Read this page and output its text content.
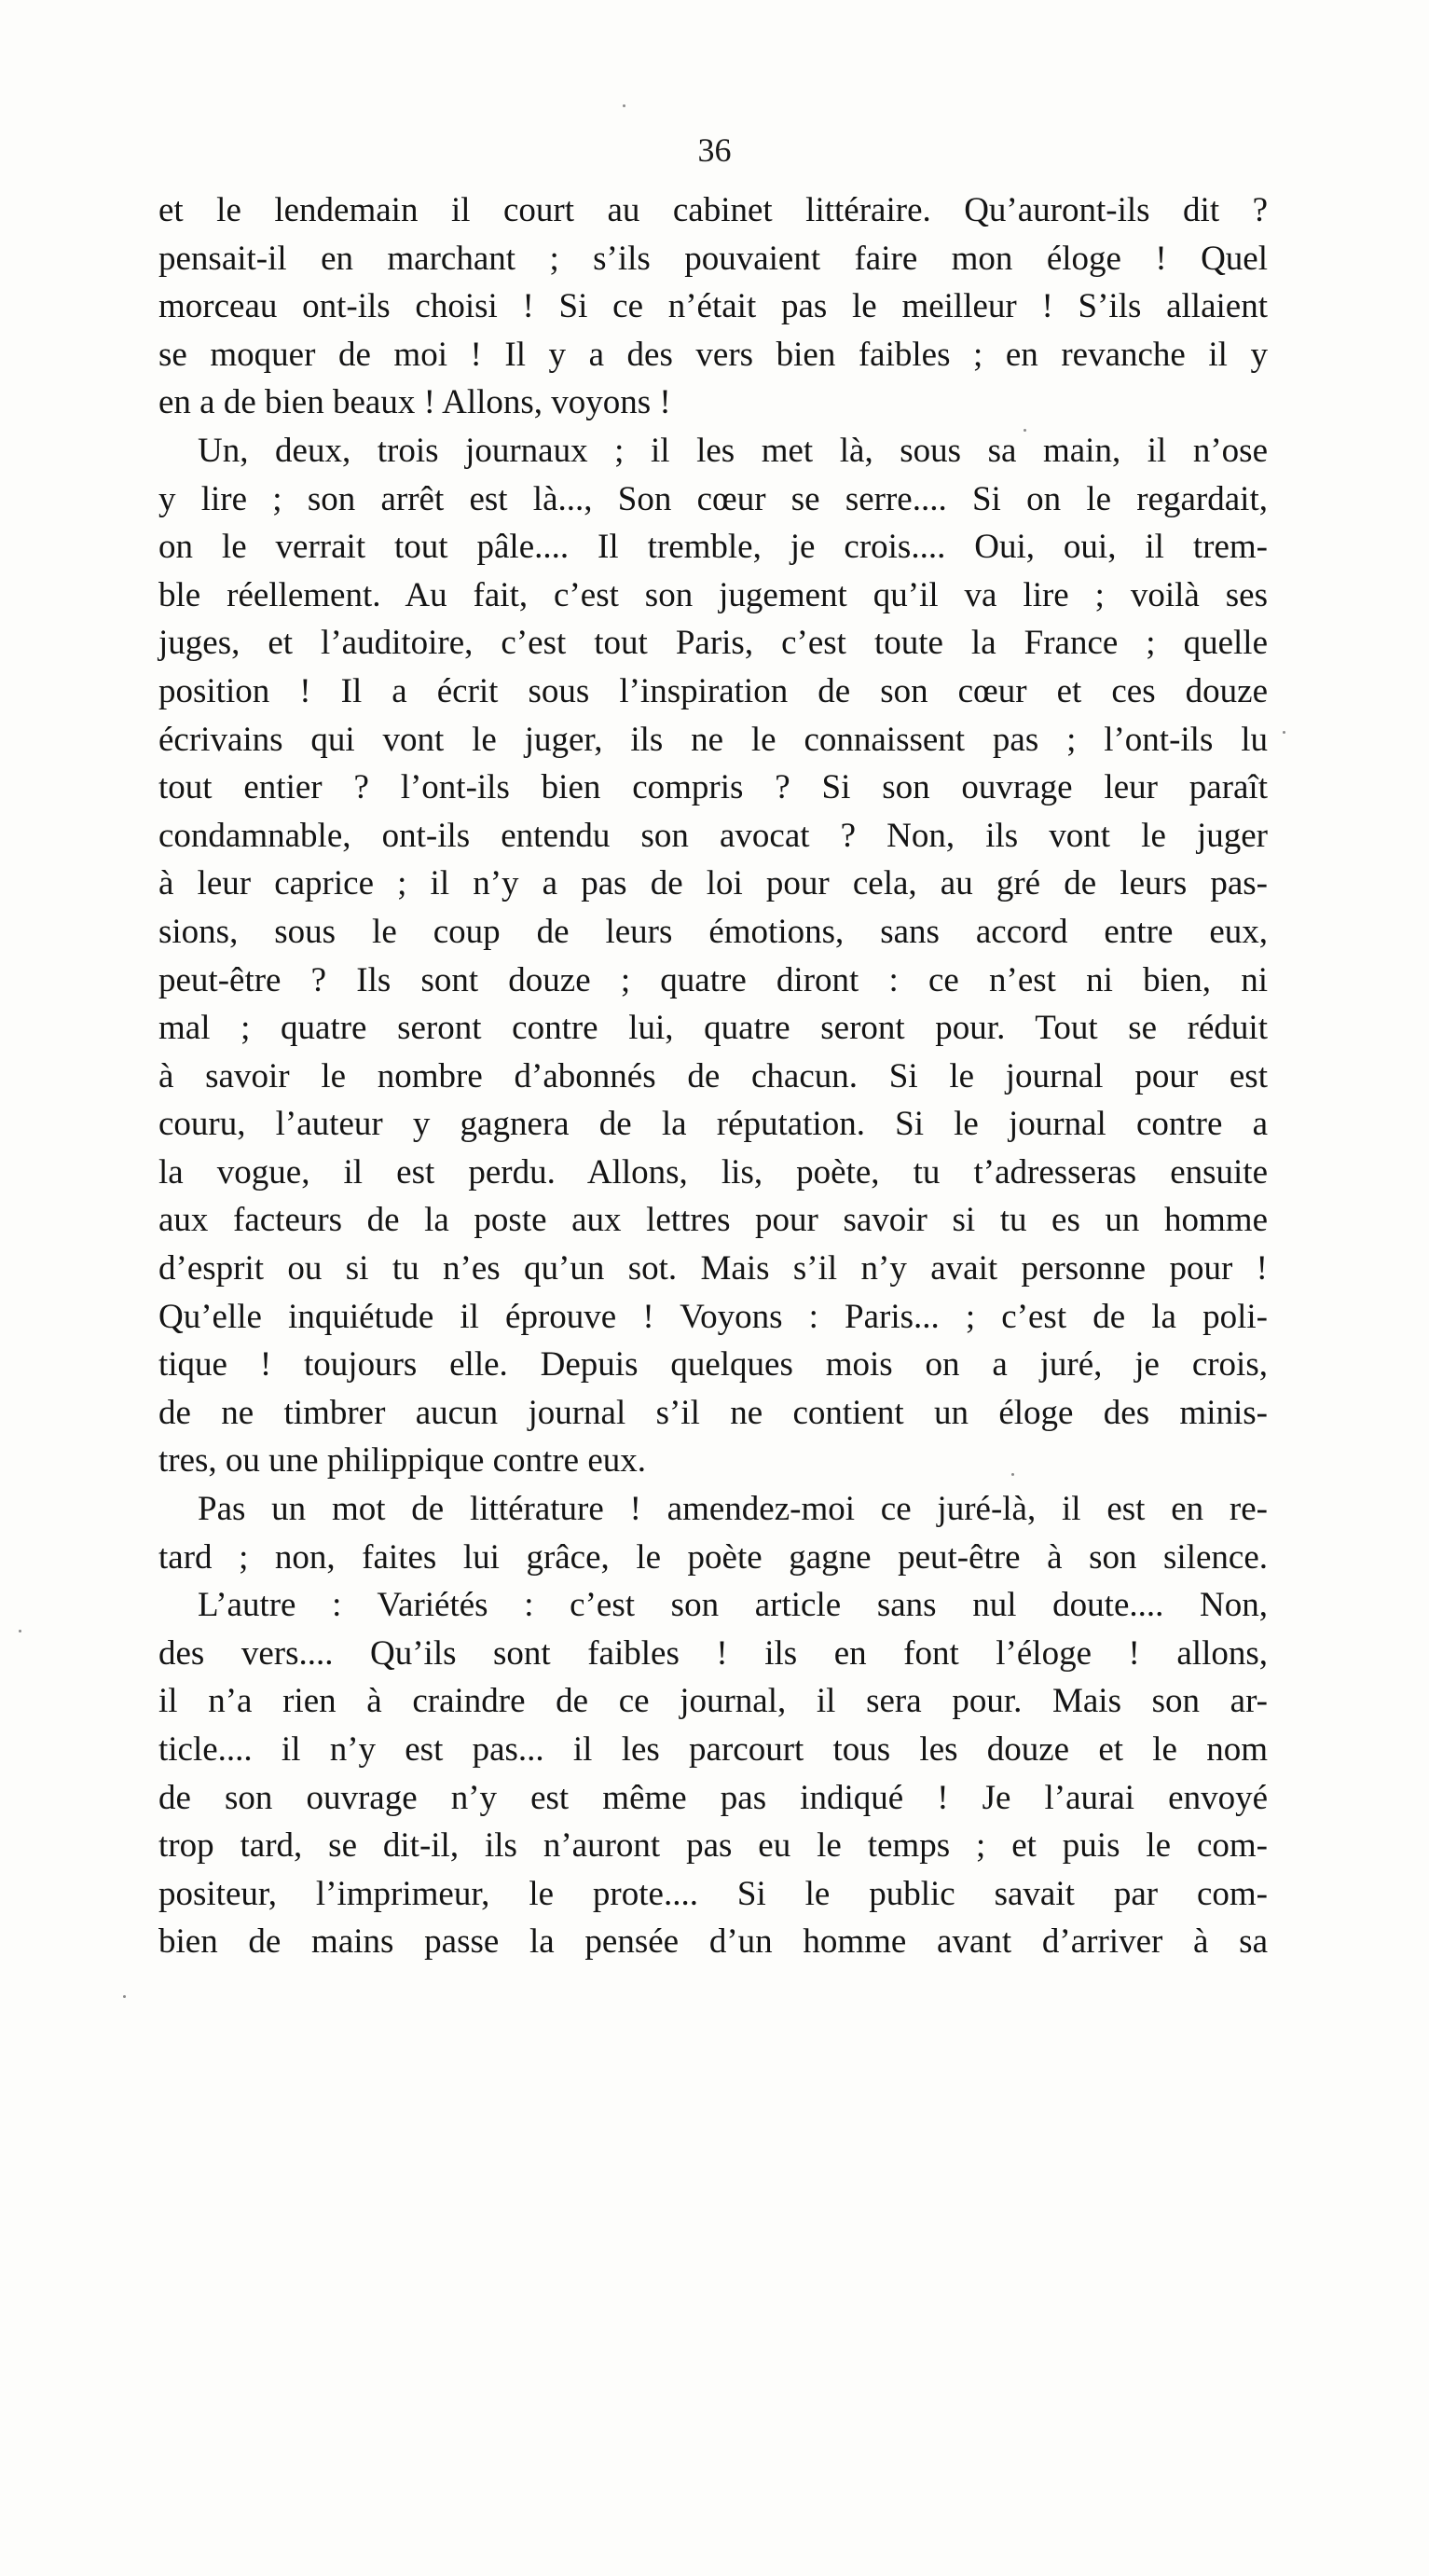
36
et le lendemain il court au cabinet littéraire. Qu’auront-ils dit ?
pensait-il en marchant ; s’ils pouvaient faire mon éloge ! Quel
morceau ont-ils choisi ! Si ce n’était pas le meilleur ! S’ils allaient
se moquer de moi ! Il y a des vers bien faibles ; en revanche il y
en a de bien beaux ! Allons, voyons !
Un, deux, trois journaux ; il les met là, sous sa main, il n’ose
y lire ; son arrêt est là..., Son cœur se serre.... Si on le regardait,
on le verrait tout pâle.... Il tremble, je crois.... Oui, oui, il trem-
ble réellement. Au fait, c’est son jugement qu’il va lire ; voilà ses
juges, et l’auditoire, c’est tout Paris, c’est toute la France ; quelle
position ! Il a écrit sous l’inspiration de son cœur et ces douze
écrivains qui vont le juger, ils ne le connaissent pas ; l’ont-ils lu
tout entier ? l’ont-ils bien compris ? Si son ouvrage leur paraît
condamnable, ont-ils entendu son avocat ? Non, ils vont le juger
à leur caprice ; il n’y a pas de loi pour cela, au gré de leurs pas-
sions, sous le coup de leurs émotions, sans accord entre eux,
peut-être ? Ils sont douze ; quatre diront : ce n’est ni bien, ni
mal ; quatre seront contre lui, quatre seront pour. Tout se réduit
à savoir le nombre d’abonnés de chacun. Si le journal pour est
couru, l’auteur y gagnera de la réputation. Si le journal contre a
la vogue, il est perdu. Allons, lis, poète, tu t’adresseras ensuite
aux facteurs de la poste aux lettres pour savoir si tu es un homme
d’esprit ou si tu n’es qu’un sot. Mais s’il n’y avait personne pour !
Qu’elle inquiétude il éprouve ! Voyons : Paris... ; c’est de la poli-
tique ! toujours elle. Depuis quelques mois on a juré, je crois,
de ne timbrer aucun journal s’il ne contient un éloge des minis-
tres, ou une philippique contre eux.
Pas un mot de littérature ! amendez-moi ce juré-là, il est en re-
tard ; non, faites lui grâce, le poète gagne peut-être à son silence.
L’autre : Variétés : c’est son article sans nul doute.... Non,
des vers.... Qu’ils sont faibles ! ils en font l’éloge ! allons,
il n’a rien à craindre de ce journal, il sera pour. Mais son ar-
ticle.... il n’y est pas... il les parcourt tous les douze et le nom
de son ouvrage n’y est même pas indiqué ! Je l’aurai envoyé
trop tard, se dit-il, ils n’auront pas eu le temps ; et puis le com-
positeur, l’imprimeur, le prote.... Si le public savait par com-
bien de mains passe la pensée d’un homme avant d’arriver à sa
